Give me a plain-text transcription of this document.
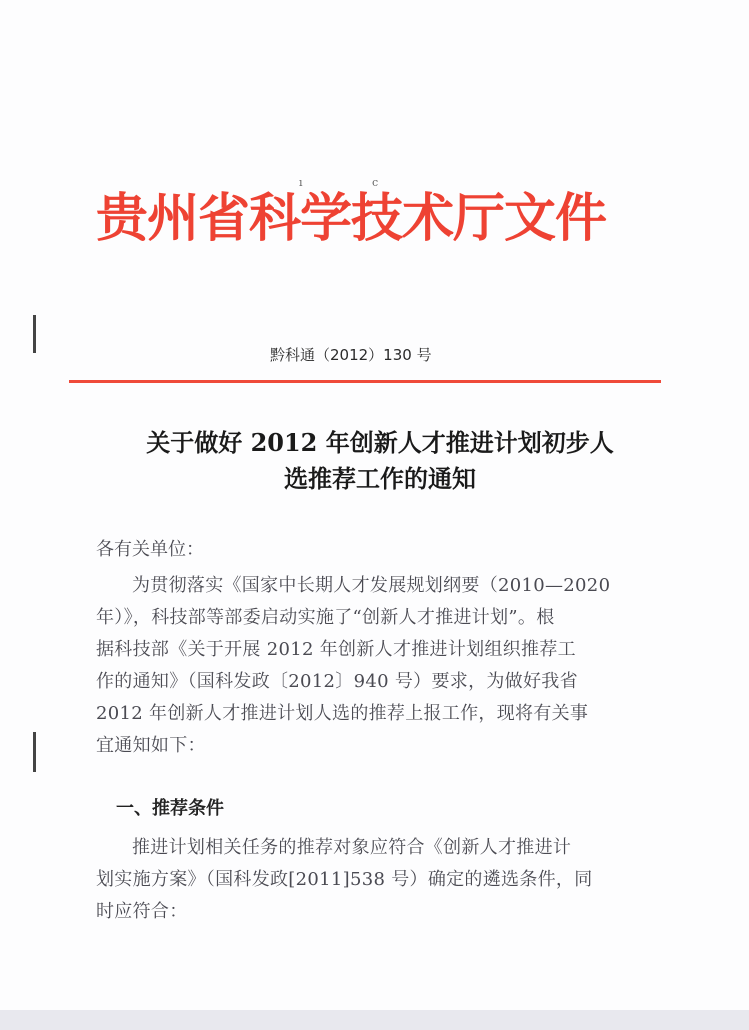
ı	c
贵州省科学技术厅文件
黔科通（2012）130 号
关于做好 2012 年创新人才推进计划初步人
选推荐工作的通知
各有关单位：
为贯彻落实《国家中长期人才发展规划纲要（2010—2020
年）》，科技部等部委启动实施了“创新人才推进计划”。根
据科技部《关于开展 2012 年创新人才推进计划组织推荐工
作的通知》（国科发政〔2012〕940 号）要求，为做好我省
2012 年创新人才推进计划人选的推荐上报工作，现将有关事
宜通知如下：
一、推荐条件
推进计划相关任务的推荐对象应符合《创新人才推进计
划实施方案》（国科发政[2011]538 号）确定的遴选条件，同
时应符合：
